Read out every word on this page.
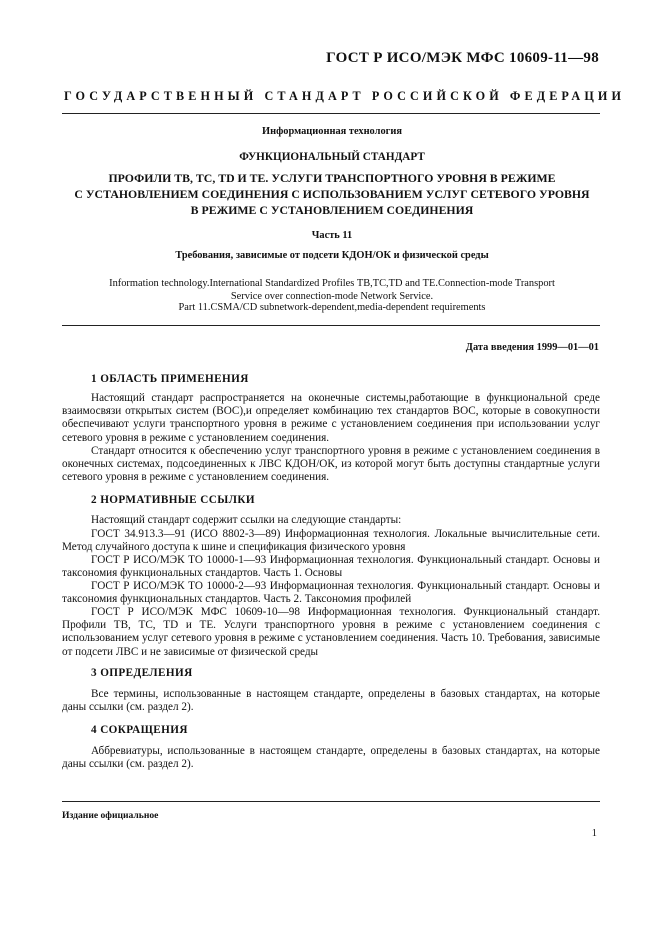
ГОСТ Р ИСО/МЭК МФС 10609-11—98
ГОСУДАРСТВЕННЫЙ СТАНДАРТ РОССИЙСКОЙ ФЕДЕРАЦИИ
Информационная технология
ФУНКЦИОНАЛЬНЫЙ СТАНДАРТ
ПРОФИЛИ ТВ, ТС, TD И ТЕ. УСЛУГИ ТРАНСПОРТНОГО УРОВНЯ В РЕЖИМЕ
С УСТАНОВЛЕНИЕМ СОЕДИНЕНИЯ С ИСПОЛЬЗОВАНИЕМ УСЛУГ СЕТЕВОГО УРОВНЯ
В РЕЖИМЕ С УСТАНОВЛЕНИЕМ СОЕДИНЕНИЯ
Часть 11
Требования, зависимые от подсети КДОН/ОК и физической среды
Information technology.International Standardized Profiles ТВ,ТС,TD and ТЕ.Connection-mode Transport
Service over connection-mode Network Service.
Part 11.CSMA/CD subnetwork-dependent,media-dependent requirements
Дата введения 1999—01—01
1 ОБЛАСТЬ ПРИМЕНЕНИЯ

Настоящий стандарт распространяется на оконечные системы,работающие в функциональной среде взаимосвязи открытых систем (ВОС),и определяет комбинацию тех стандартов ВОС, которые в совокупности обеспечивают услуги транспортного уровня в режиме с установлением соединения при использовании услуг сетевого уровня в режиме с установлением соединения.

Стандарт относится к обеспечению услуг транспортного уровня в режиме с установлением соединения в оконечных системах, подсоединенных к ЛВС КДОН/ОК, из которой могут быть доступны стандартные услуги сетевого уровня в режиме с установлением соединения.

2 НОРМАТИВНЫЕ ССЫЛКИ

Настоящий стандарт содержит ссылки на следующие стандарты:

ГОСТ 34.913.3—91 (ИСО 8802-3—89) Информационная технология. Локальные вычислительные сети. Метод случайного доступа к шине и спецификация физического уровня

ГОСТ Р ИСО/МЭК ТО 10000-1—93 Информационная технология. Функциональный стандарт. Основы и таксономия функциональных стандартов. Часть 1. Основы

ГОСТ Р ИСО/МЭК ТО 10000-2—93 Информационная технология. Функциональный стандарт. Основы и таксономия функциональных стандартов. Часть 2. Таксономия профилей

ГОСТ Р ИСО/МЭК МФС 10609-10—98 Информационная технология. Функциональный стандарт. Профили ТВ, ТС, TD и ТЕ. Услуги транспортного уровня в режиме с установлением соединения с использованием услуг сетевого уровня в режиме с установлением соединения. Часть 10. Требования, зависимые от подсети ЛВС и не зависимые от физической среды

3 ОПРЕДЕЛЕНИЯ

Все термины, использованные в настоящем стандарте, определены в базовых стандартах, на которые даны ссылки (см. раздел 2).

4 СОКРАЩЕНИЯ

Аббревиатуры, использованные в настоящем стандарте, определены в базовых стандартах, на которые даны ссылки (см. раздел 2).

Издание официальное
1
